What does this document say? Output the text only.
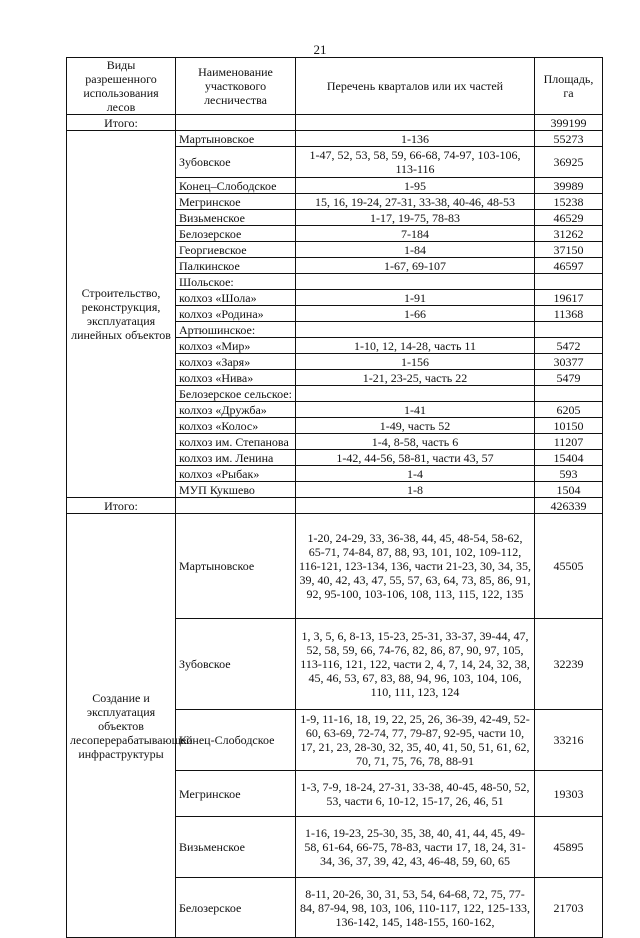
21
Виды разрешенного использования лесов	Наименование участкового лесничества	Перечень кварталов или их частей	Площадь, га
Итого:			399199
Строительство, реконструкция, эксплуатация линейных объектов	Мартыновское	1-136	55273
	Зубовское	1-47, 52, 53, 58, 59, 66-68, 74-97, 103-106, 113-116	36925
	Конец–Слободское	1-95	39989
	Мегринское	15, 16, 19-24, 27-31, 33-38, 40-46, 48-53	15238
	Визьменское	1-17, 19-75, 78-83	46529
	Белозерское	7-184	31262
	Георгиевское	1-84	37150
	Палкинское	1-67, 69-107	46597
	Шольское:		
	колхоз «Шола»	1-91	19617
	колхоз «Родина»	1-66	11368
	Артюшинское:		
	колхоз «Мир»	1-10, 12, 14-28, часть 11	5472
	колхоз «Заря»	1-156	30377
	колхоз «Нива»	1-21, 23-25, часть 22	5479
	Белозерское сельское:		
	колхоз «Дружба»	1-41	6205
	колхоз «Колос»	1-49, часть 52	10150
	колхоз им. Степанова	1-4, 8-58, часть 6	11207
	колхоз им. Ленина	1-42, 44-56, 58-81, части 43, 57	15404
	колхоз «Рыбак»	1-4	593
	МУП Кукшево	1-8	1504
Итого:			426339
Создание и эксплуатация объектов лесоперерабатывающей инфраструктуры	Мартыновское	1-20, 24-29, 33, 36-38, 44, 45, 48-54, 58-62, 65-71, 74-84, 87, 88, 93, 101, 102, 109-112, 116-121, 123-134, 136, части 21-23, 30, 34, 35, 39, 40, 42, 43, 47, 55, 57, 63, 64, 73, 85, 86, 91, 92, 95-100, 103-106, 108, 113, 115, 122, 135	45505
	Зубовское	1, 3, 5, 6, 8-13, 15-23, 25-31, 33-37, 39-44, 47, 52, 58, 59, 66, 74-76, 82, 86, 87, 90, 97, 105, 113-116, 121, 122, части 2, 4, 7, 14, 24, 32, 38, 45, 46, 53, 67, 83, 88, 94, 96, 103, 104, 106, 110, 111, 123, 124	32239
	Конец-Слободское	1-9, 11-16, 18, 19, 22, 25, 26, 36-39, 42-49, 52-60, 63-69, 72-74, 77, 79-87, 92-95, части 10, 17, 21, 23, 28-30, 32, 35, 40, 41, 50, 51, 61, 62, 70, 71, 75, 76, 78, 88-91	33216
	Мегринское	1-3, 7-9, 18-24, 27-31, 33-38, 40-45, 48-50, 52, 53, части 6, 10-12, 15-17, 26, 46, 51	19303
	Визьменское	1-16, 19-23, 25-30, 35, 38, 40, 41, 44, 45, 49-58, 61-64, 66-75, 78-83, части 17, 18, 24, 31-34, 36, 37, 39, 42, 43, 46-48, 59, 60, 65	45895
	Белозерское	8-11, 20-26, 30, 31, 53, 54, 64-68, 72, 75, 77-84, 87-94, 98, 103, 106, 110-117, 122, 125-133, 136-142, 145, 148-155, 160-162,	21703
